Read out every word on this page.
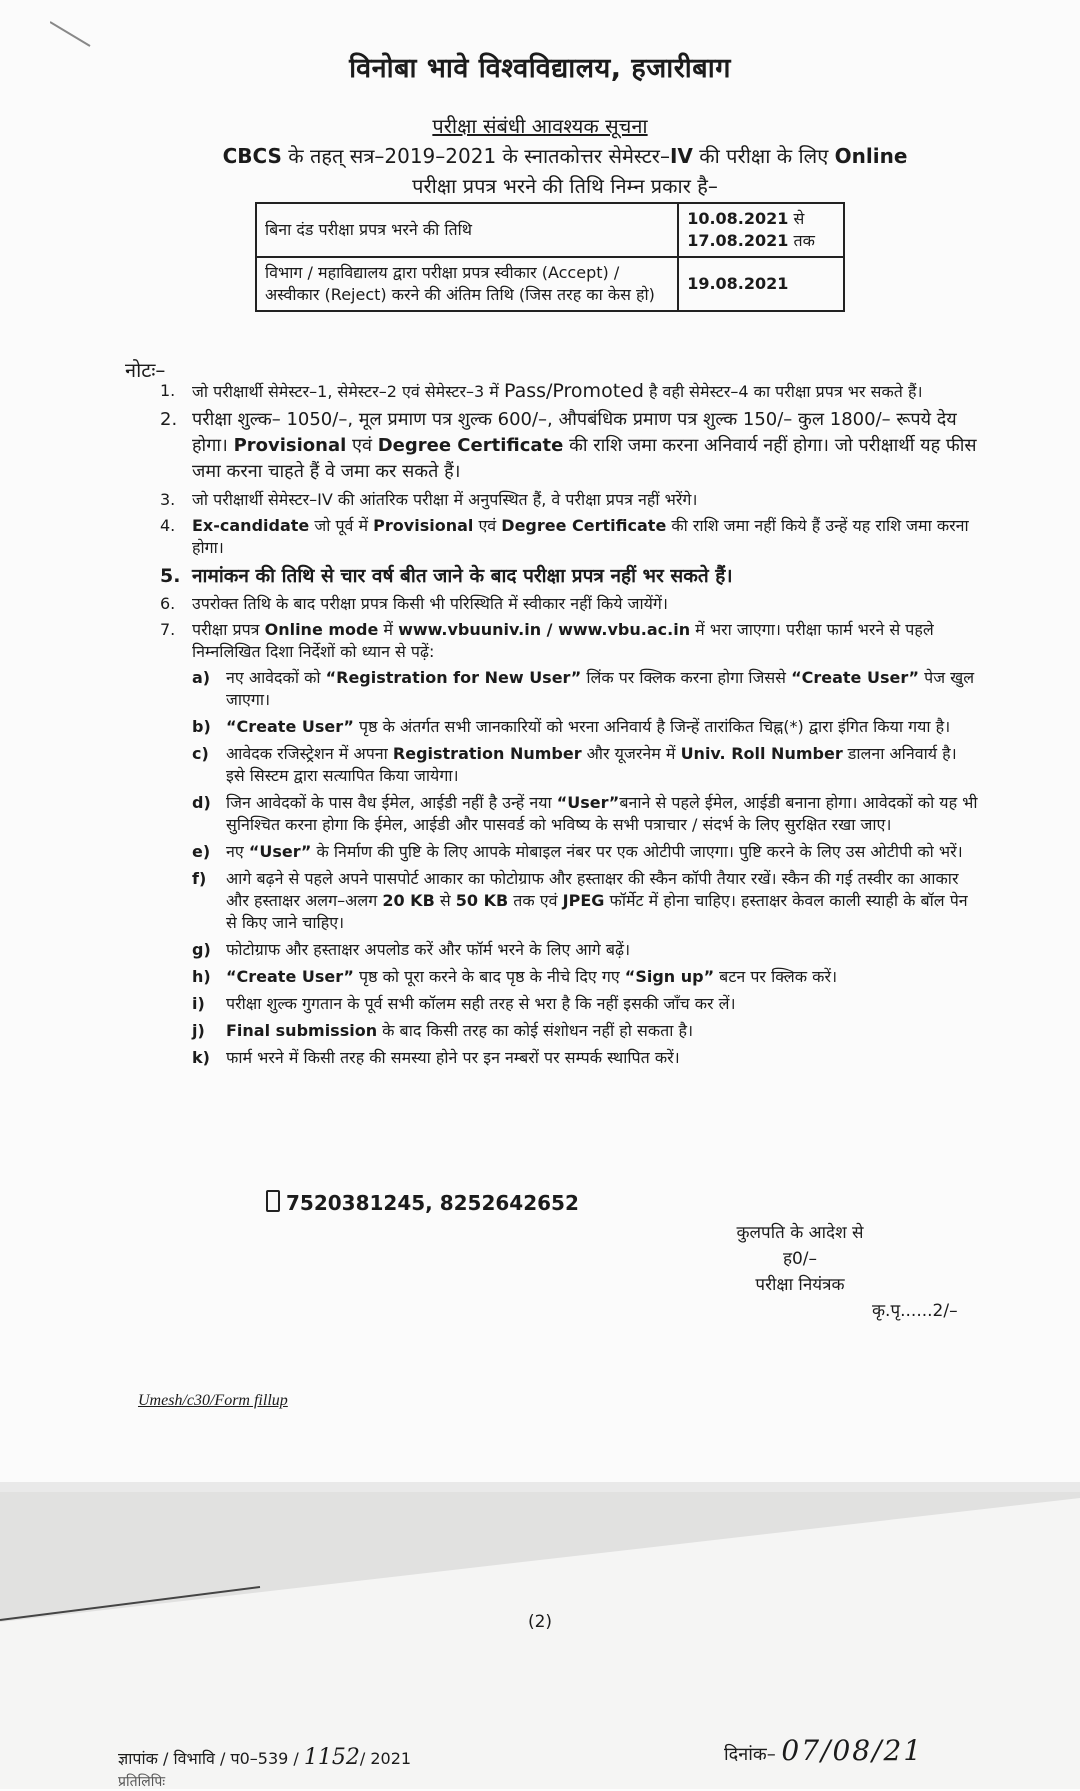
विनोबा भावे विश्वविद्यालय, हजारीबाग
परीक्षा संबंधी आवश्यक सूचना
CBCS के तहत् सत्र–2019–2021 के स्नातकोत्तर सेमेस्टर–IV की परीक्षा के लिए Online
परीक्षा प्रपत्र भरने की तिथि निम्न प्रकार है–
बिना दंड परीक्षा प्रपत्र भरने की तिथि	10.08.2021 से
17.08.2021 तक
विभाग / महाविद्यालय द्वारा परीक्षा प्रपत्र स्वीकार (Accept) / अस्वीकार (Reject) करने की अंतिम तिथि (जिस तरह का केस हो)	19.08.2021
नोटः–
1. जो परीक्षार्थी सेमेस्टर–1, सेमेस्टर–2 एवं सेमेस्टर–3 में Pass/Promoted है वही सेमेस्टर–4 का परीक्षा प्रपत्र भर सकते हैं।
2. परीक्षा शुल्क– 1050/–, मूल प्रमाण पत्र शुल्क 600/–, औपबंधिक प्रमाण पत्र शुल्क 150/– कुल 1800/– रूपये देय होगा। Provisional एवं Degree Certificate की राशि जमा करना अनिवार्य नहीं होगा। जो परीक्षार्थी यह फीस जमा करना चाहते हैं वे जमा कर सकते हैं।
3. जो परीक्षार्थी सेमेस्टर–IV की आंतरिक परीक्षा में अनुपस्थित हैं, वे परीक्षा प्रपत्र नहीं भरेंगे।
4. Ex-candidate जो पूर्व में Provisional एवं Degree Certificate की राशि जमा नहीं किये हैं उन्हें यह राशि जमा करना होगा।
5. नामांकन की तिथि से चार वर्ष बीत जाने के बाद परीक्षा प्रपत्र नहीं भर सकते हैं।
6. उपरोक्त तिथि के बाद परीक्षा प्रपत्र किसी भी परिस्थिति में स्वीकार नहीं किये जायेंगें।
7. परीक्षा प्रपत्र Online mode में www.vbuuniv.in / www.vbu.ac.in में भरा जाएगा। परीक्षा फार्म भरने से पहले निम्नलिखित दिशा निर्देशों को ध्यान से पढ़ें:
a) नए आवेदकों को “Registration for New User” लिंक पर क्लिक करना होगा जिससे “Create User” पेज खुल जाएगा।
b) “Create User” पृष्ठ के अंतर्गत सभी जानकारियों को भरना अनिवार्य है जिन्हें तारांकित चिह्न(*) द्वारा इंगित किया गया है।
c) आवेदक रजिस्ट्रेशन में अपना Registration Number और यूजरनेम में Univ. Roll Number डालना अनिवार्य है। इसे सिस्टम द्वारा सत्यापित किया जायेगा।
d) जिन आवेदकों के पास वैध ईमेल, आईडी नहीं है उन्हें नया “User”बनाने से पहले ईमेल, आईडी बनाना होगा। आवेदकों को यह भी सुनिश्चित करना होगा कि ईमेल, आईडी और पासवर्ड को भविष्य के सभी पत्राचार / संदर्भ के लिए सुरक्षित रखा जाए।
e) नए “User” के निर्माण की पुष्टि के लिए आपके मोबाइल नंबर पर एक ओटीपी जाएगा। पुष्टि करने के लिए उस ओटीपी को भरें।
f) आगे बढ़ने से पहले अपने पासपोर्ट आकार का फोटोग्राफ और हस्ताक्षर की स्कैन कॉपी तैयार रखें। स्कैन की गई तस्वीर का आकार और हस्ताक्षर अलग–अलग 20 KB से 50 KB तक एवं JPEG फॉर्मेट में होना चाहिए। हस्ताक्षर केवल काली स्याही के बॉल पेन से किए जाने चाहिए।
g) फोटोग्राफ और हस्ताक्षर अपलोड करें और फॉर्म भरने के लिए आगे बढ़ें।
h) “Create User” पृष्ठ को पूरा करने के बाद पृष्ठ के नीचे दिए गए “Sign up” बटन पर क्लिक करें।
i) परीक्षा शुल्क गुगतान के पूर्व सभी कॉलम सही तरह से भरा है कि नहीं इसकी जाँच कर लें।
j) Final submission के बाद किसी तरह का कोई संशोधन नहीं हो सकता है।
k) फार्म भरने में किसी तरह की समस्या होने पर इन नम्बरों पर सम्पर्क स्थापित करें।
7520381245, 8252642652
कुलपति के आदेश से
ह0/–
परीक्षा नियंत्रक
कृ.पृ......2/–
Umesh/c30/Form fillup
(2)
ज्ञापांक / विभावि / प0–539 / 1152/ 2021	दिनांक– 07/08/21
प्रतिलिपिः
